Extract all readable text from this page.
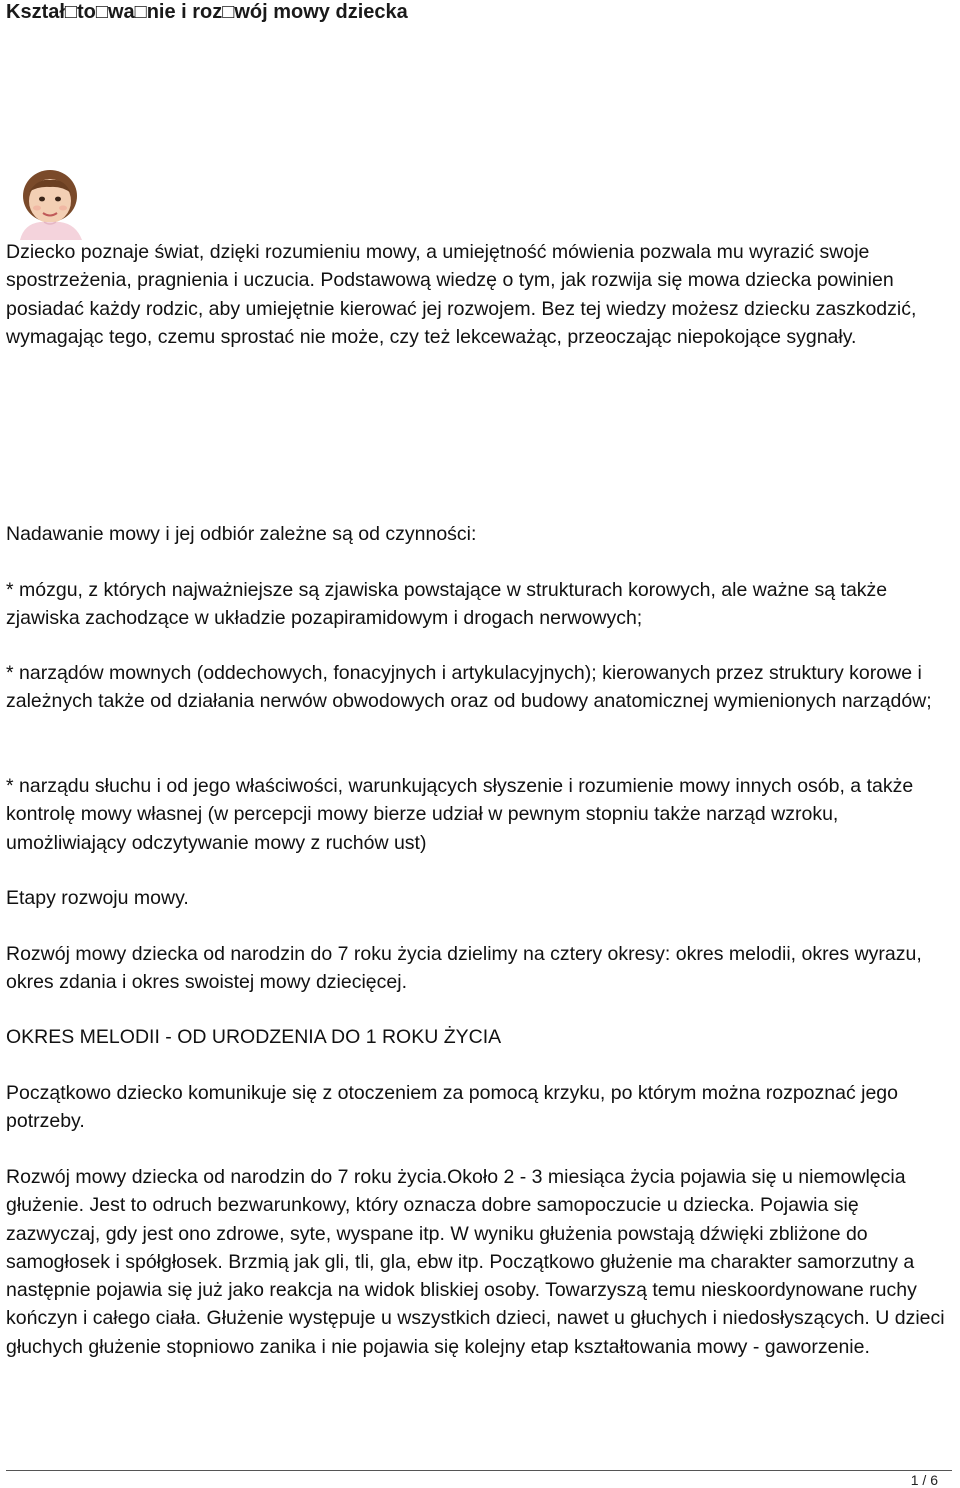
Kształ□to□wa□nie i roz□wój mowy dziecka

Dziecko poznaje świat, dzięki rozumieniu mowy, a umiejętność mówienia pozwala mu wyrazić swoje spostrzeżenia, pragnienia i uczucia. Podstawową wiedzę o tym, jak rozwija się mowa dziecka powinien posiadać każdy rodzic, aby umiejętnie kierować jej rozwojem. Bez tej wiedzy możesz dziecku zaszkodzić, wymagając tego, czemu sprostać nie może, czy też lekceważąc, przeoczając niepokojące sygnały.

Nadawanie mowy i jej odbiór zależne są od czynności:

* mózgu, z których najważniejsze są zjawiska powstające w strukturach korowych, ale ważne są także zjawiska zachodzące w układzie pozapiramidowym i drogach nerwowych;

* narządów mownych (oddechowych, fonacyjnych i artykulacyjnych); kierowanych przez struktury korowe i zależnych także od działania nerwów obwodowych oraz od budowy anatomicznej wymienionych narządów;

* narządu słuchu i od jego właściwości, warunkujących słyszenie i rozumienie mowy innych osób, a także kontrolę mowy własnej (w percepcji mowy bierze udział w pewnym stopniu także narząd wzroku, umożliwiający odczytywanie mowy z ruchów ust)

Etapy rozwoju mowy.

Rozwój mowy dziecka od narodzin do 7 roku życia dzielimy na cztery okresy: okres melodii, okres wyrazu, okres zdania i okres swoistej mowy dziecięcej.

OKRES MELODII - OD URODZENIA DO 1 ROKU ŻYCIA

Początkowo dziecko komunikuje się z otoczeniem za pomocą krzyku, po którym można rozpoznać jego potrzeby.

Rozwój mowy dziecka od narodzin do 7 roku życia.Około 2 - 3 miesiąca życia pojawia się u niemowlęcia głużenie. Jest to odruch bezwarunkowy, który oznacza dobre samopoczucie u dziecka. Pojawia się zazwyczaj, gdy jest ono zdrowe, syte, wyspane itp. W wyniku głużenia powstają dźwięki zbliżone do samogłosek i spółgłosek. Brzmią jak gli, tli, gla, ebw itp. Początkowo głużenie ma charakter samorzutny a następnie pojawia się już jako reakcja na widok bliskiej osoby. Towarzyszą temu nieskoordynowane ruchy kończyn i całego ciała. Głużenie występuje u wszystkich dzieci, nawet u głuchych i niedosłyszących. U dzieci głuchych głużenie stopniowo zanika i nie pojawia się kolejny etap kształtowania mowy - gaworzenie.

1 / 6
